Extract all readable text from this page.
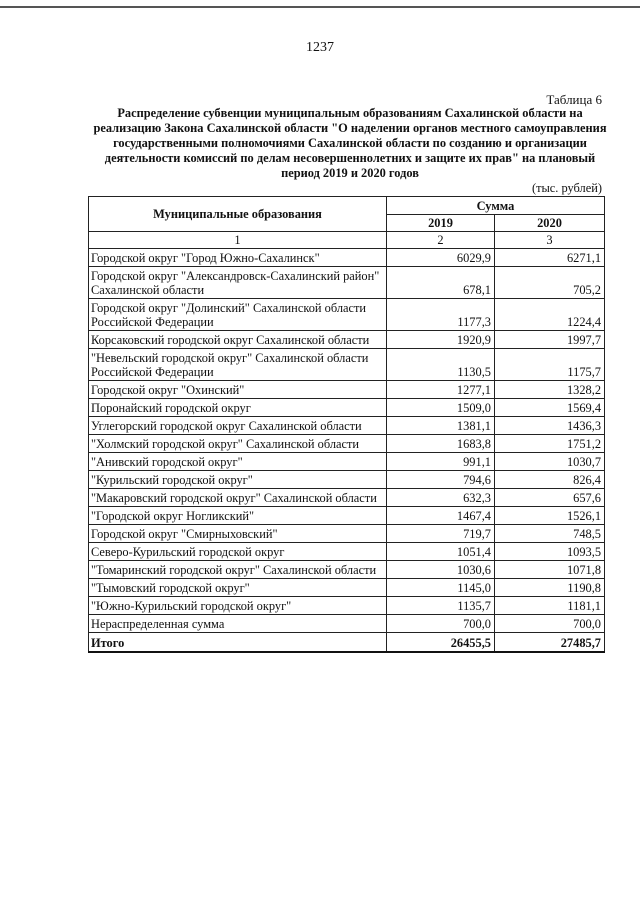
1237
Таблица 6
Распределение субвенции муниципальным образованиям Сахалинской области на реализацию Закона Сахалинской области "О наделении органов местного самоуправления государственными полномочиями Сахалинской области по созданию и организации деятельности комиссий по делам несовершеннолетних и защите их прав" на плановый период 2019 и 2020 годов
(тыс. рублей)
Муниципальные образования	Сумма	
	2019	2020
1	2	3
Городской округ "Город Южно-Сахалинск"	6029,9	6271,1
Городской округ "Александровск-Сахалинский район" Сахалинской области	678,1	705,2
Городской округ "Долинский" Сахалинской области Российской Федерации	1177,3	1224,4
Корсаковский городской округ Сахалинской области	1920,9	1997,7
"Невельский городской округ" Сахалинской области Российской Федерации	1130,5	1175,7
Городской округ "Охинский"	1277,1	1328,2
Поронайский городской округ	1509,0	1569,4
Углегорский городской округ Сахалинской области	1381,1	1436,3
"Холмский городской округ" Сахалинской области	1683,8	1751,2
"Анивский городской округ"	991,1	1030,7
"Курильский городской округ"	794,6	826,4
"Макаровский городской округ" Сахалинской области	632,3	657,6
"Городской округ Ногликский"	1467,4	1526,1
Городской округ "Смирныховский"	719,7	748,5
Северо-Курильский городской округ	1051,4	1093,5
"Томаринский городской округ" Сахалинской области	1030,6	1071,8
"Тымовский городской округ"	1145,0	1190,8
"Южно-Курильский городской округ"	1135,7	1181,1
Нераспределенная сумма	700,0	700,0
Итого	26455,5	27485,7
